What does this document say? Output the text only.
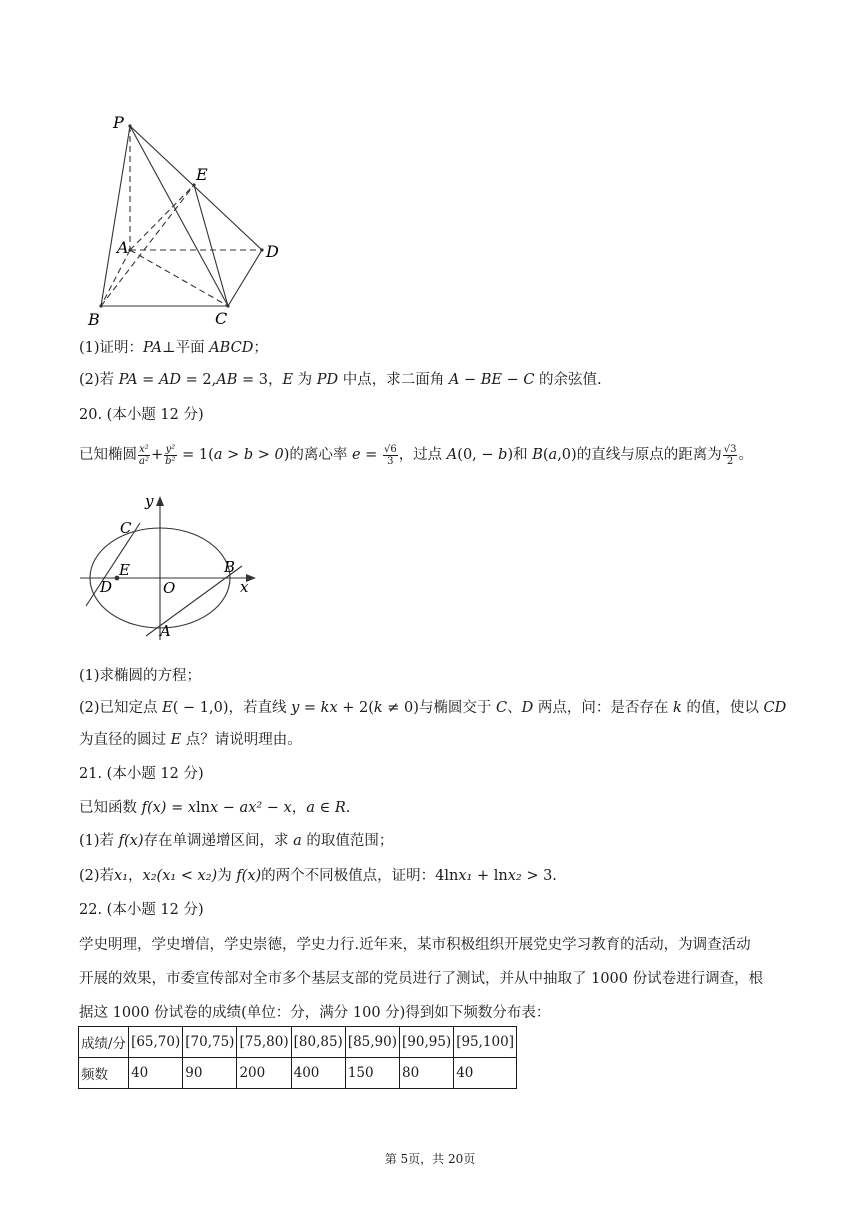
P
E
A	D
B	C
(1)证明：PA⊥平面 ABCD；
(2)若 PA = AD = 2,AB = 3，E 为 PD 中点，求二面角 A − BE − C 的余弦值.
20. (本小题 12 分)
已知椭圆 $\frac{\text{x²}}{\text{a²}} + \frac{\text{y²}}{\text{b²}} = 1(a > b > 0)$的离心率 $e = \frac{√6}{3}$ ，过点 A(0, − b)和 B(a,0)的直线与原点的距离为 $\frac{√3}{2}$ 。
y
x
C
E
D	O
B
A
(1)求椭圆的方程；
(2)已知定点 E( − 1,0)，若直线 y = kx + 2(k ≠ 0)与椭圆交于 C、D 两点，问：是否存在 k 的值，使以 CD
为直径的圆过 E 点？请说明理由。
21. (本小题 12 分)
已知函数 f(x) = xlnx − ax² − x，a ∈ R.
(1)若 f(x)存在单调递增区间，求 a 的取值范围；
(2)若x₁，x₂(x₁ < x₂)为 f(x)的两个不同极值点，证明：4lnx₁ + lnx₂ > 3.
22. (本小题 12 分)
学史明理，学史增信，学史崇德，学史力行.近年来，某市积极组织开展党史学习教育的活动，为调查活动
开展的效果，市委宣传部对全市多个基层支部的党员进行了测试，并从中抽取了 1000 份试卷进行调查，根
据这 1000 份试卷的成绩(单位：分，满分 100 分)得到如下频数分布表：
成绩/分	[65,70)	[70,75)	[75,80)	[80,85)	[85,90)	[90,95)	[95,100]
频数	40	90	200	400	150	80	40
第 5页，共 20页
